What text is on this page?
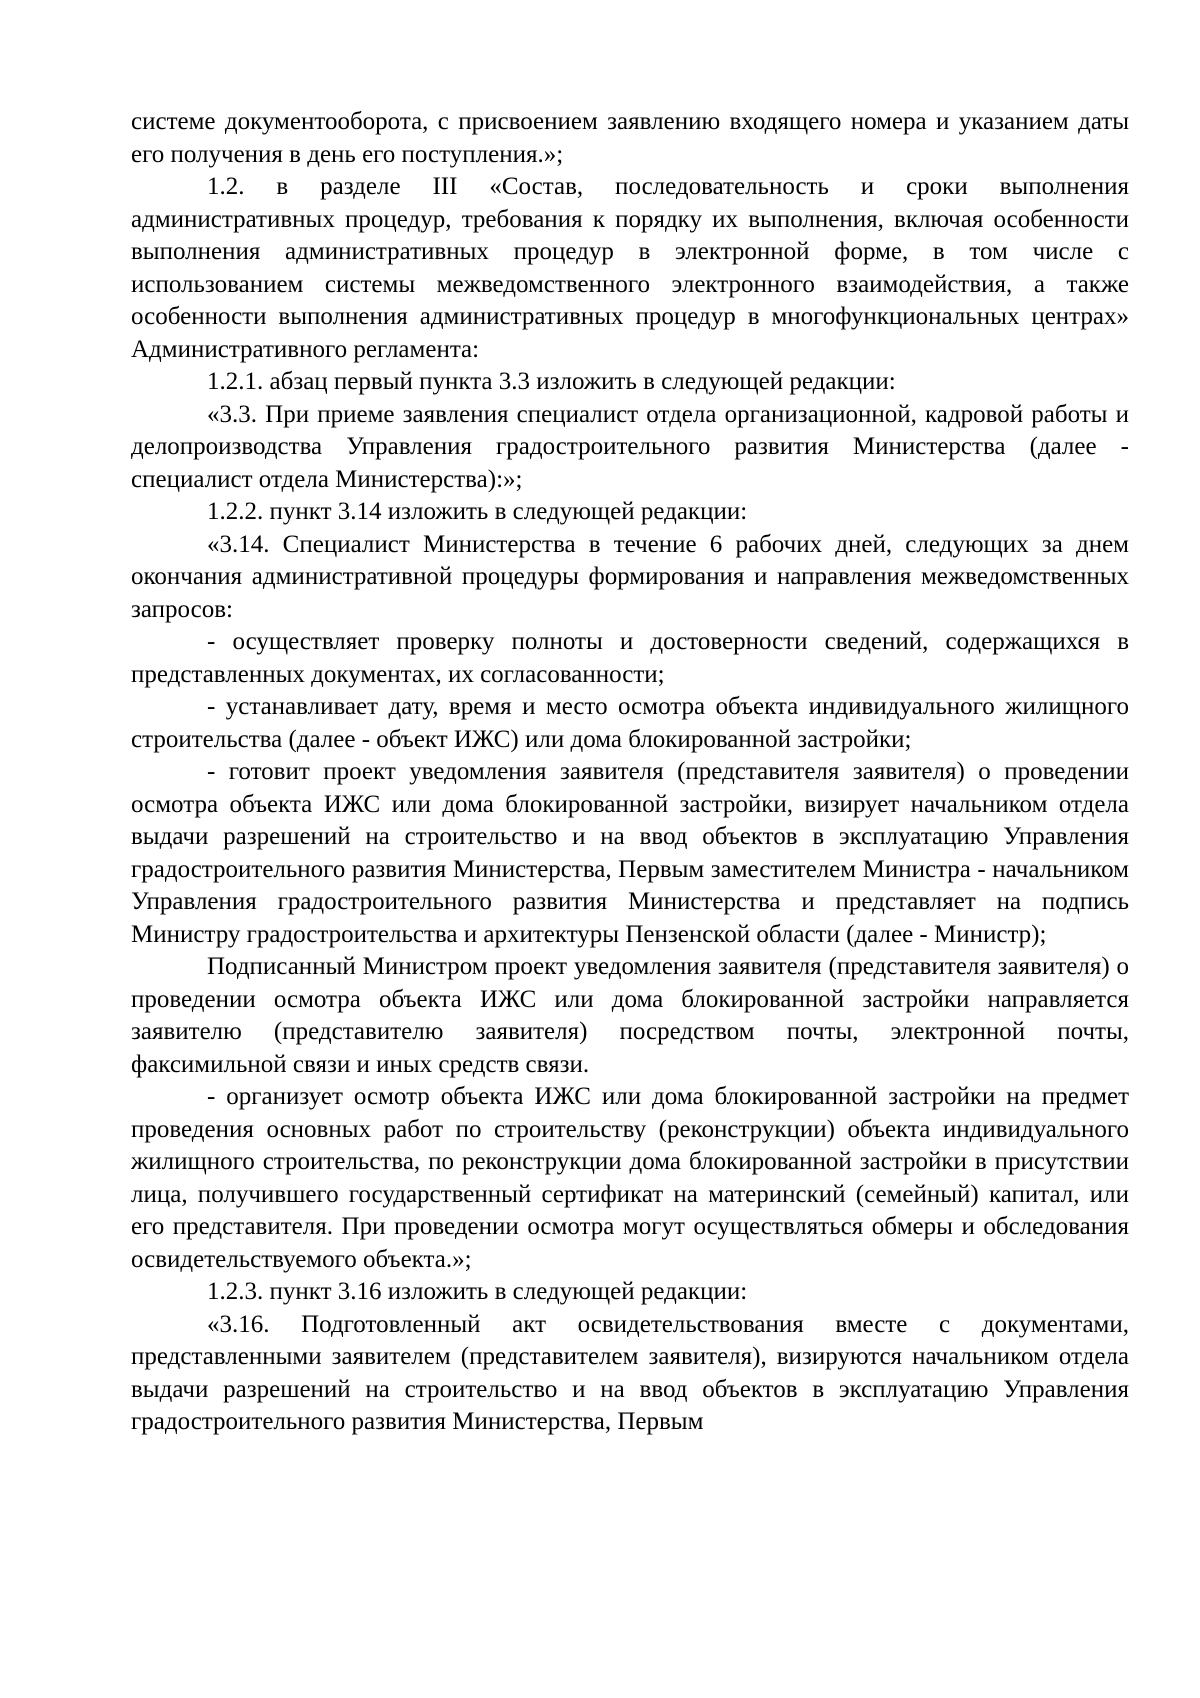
системе документооборота, с присвоением заявлению входящего номера и указанием даты его получения в день его поступления.»;

1.2. в разделе III «Состав, последовательность и сроки выполнения административных процедур, требования к порядку их выполнения, включая особенности выполнения административных процедур в электронной форме, в том числе с использованием системы межведомственного электронного взаимодействия, а также особенности выполнения административных процедур в многофункциональных центрах» Административного регламента:

1.2.1. абзац первый пункта 3.3 изложить в следующей редакции:

«3.3. При приеме заявления специалист отдела организационной, кадровой работы и делопроизводства Управления градостроительного развития Министерства (далее - специалист отдела Министерства):»;

1.2.2. пункт 3.14 изложить в следующей редакции:

«3.14. Специалист Министерства в течение 6 рабочих дней, следующих за днем окончания административной процедуры формирования и направления межведомственных запросов:

- осуществляет проверку полноты и достоверности сведений, содержащихся в представленных документах, их согласованности;

- устанавливает дату, время и место осмотра объекта индивидуального жилищного строительства (далее - объект ИЖС) или дома блокированной застройки;

- готовит проект уведомления заявителя (представителя заявителя) о проведении осмотра объекта ИЖС или дома блокированной застройки, визирует начальником отдела выдачи разрешений на строительство и на ввод объектов в эксплуатацию Управления градостроительного развития Министерства, Первым заместителем Министра - начальником Управления градостроительного развития Министерства и представляет на подпись Министру градостроительства и архитектуры Пензенской области (далее - Министр);

Подписанный Министром проект уведомления заявителя (представителя заявителя) о проведении осмотра объекта ИЖС или дома блокированной застройки направляется заявителю (представителю заявителя) посредством почты, электронной почты, факсимильной связи и иных средств связи.

- организует осмотр объекта ИЖС или дома блокированной застройки на предмет проведения основных работ по строительству (реконструкции) объекта индивидуального жилищного строительства, по реконструкции дома блокированной застройки в присутствии лица, получившего государственный сертификат на материнский (семейный) капитал, или его представителя. При проведении осмотра могут осуществляться обмеры и обследования освидетельствуемого объекта.»;

1.2.3. пункт 3.16 изложить в следующей редакции:

«3.16. Подготовленный акт освидетельствования вместе с документами, представленными заявителем (представителем заявителя), визируются начальником отдела выдачи разрешений на строительство и на ввод объектов в эксплуатацию Управления градостроительного развития Министерства, Первым
